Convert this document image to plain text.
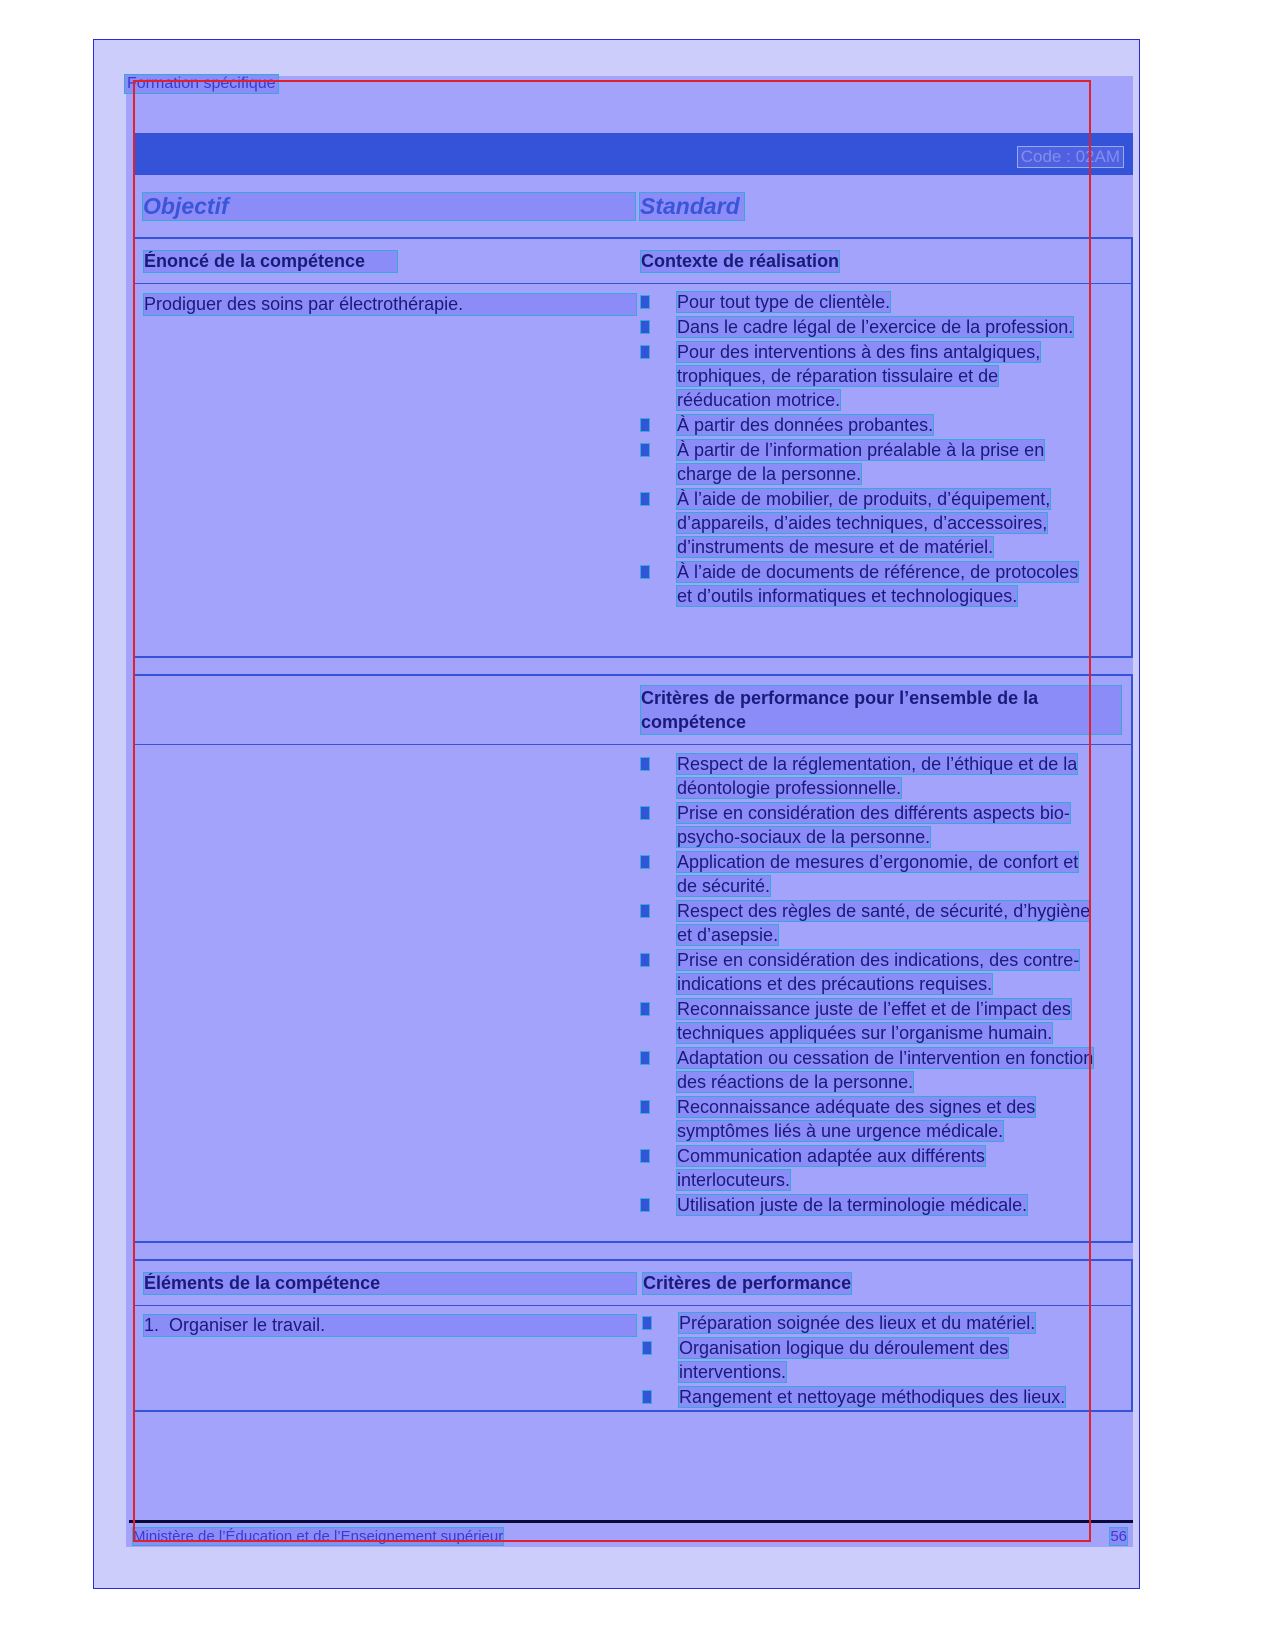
Formation spécifique
Code : 02AM
Objectif	Standard
Énoncé de la compétence	Contexte de réalisation
Prodiguer des soins par électrothérapie.	Pour tout type de clientèle.
Dans le cadre légal de l’exercice de la profession.
Pour des interventions à des fins antalgiques, trophiques, de réparation tissulaire et de rééducation motrice.
À partir des données probantes.
À partir de l’information préalable à la prise en charge de la personne.
À l’aide de mobilier, de produits, d’équipement, d’appareils, d’aides techniques, d’accessoires, d’instruments de mesure et de matériel.
À l’aide de documents de référence, de protocoles et d’outils informatiques et technologiques.
Critères de performance pour l’ensemble de la compétence
Respect de la réglementation, de l’éthique et de la déontologie professionnelle.
Prise en considération des différents aspects bio-psycho-sociaux de la personne.
Application de mesures d’ergonomie, de confort et de sécurité.
Respect des règles de santé, de sécurité, d’hygiène et d’asepsie.
Prise en considération des indications, des contre-indications et des précautions requises.
Reconnaissance juste de l’effet et de l’impact des techniques appliquées sur l’organisme humain.
Adaptation ou cessation de l’intervention en fonction des réactions de la personne.
Reconnaissance adéquate des signes et des symptômes liés à une urgence médicale.
Communication adaptée aux différents interlocuteurs.
Utilisation juste de la terminologie médicale.
Éléments de la compétence	Critères de performance
1.  Organiser le travail.	Préparation soignée des lieux et du matériel.
Organisation logique du déroulement des interventions.
Rangement et nettoyage méthodiques des lieux.
Ministère de l’Éducation et de l’Enseignement supérieur	56
